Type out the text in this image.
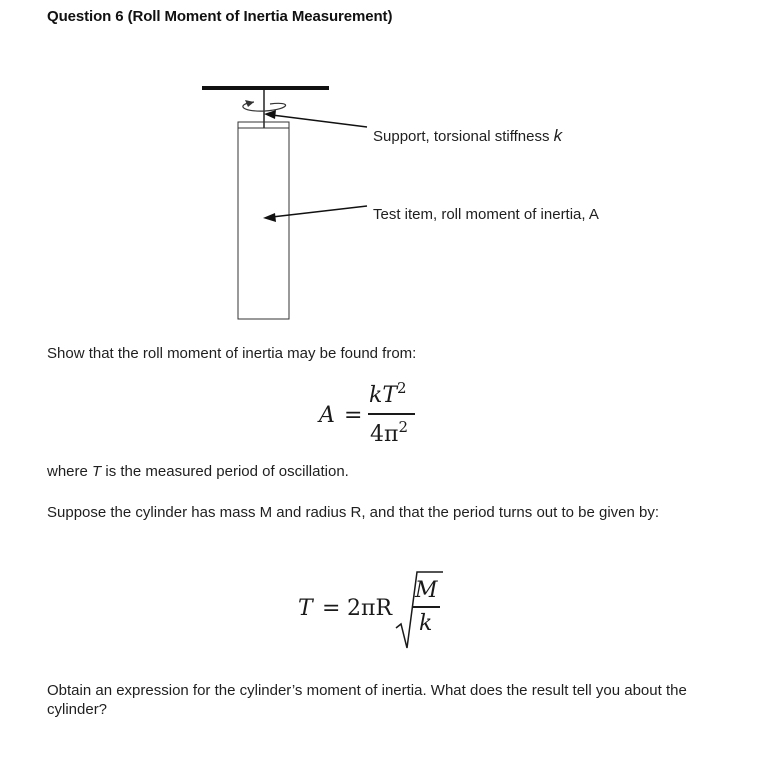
Question 6 (Roll Moment of Inertia Measurement)
Support, torsional stiffness k
Test item, roll moment of inertia, A
Show that the roll moment of inertia may be found from:
A =
$kT^2$
$4\pi^2$
where T is the measured period of oscillation.
Suppose the cylinder has mass M and radius R, and that the period turns out to be given by:
T = 2πR
M
k
Obtain an expression for the cylinder’s moment of inertia. What does the result tell you about the cylinder?
